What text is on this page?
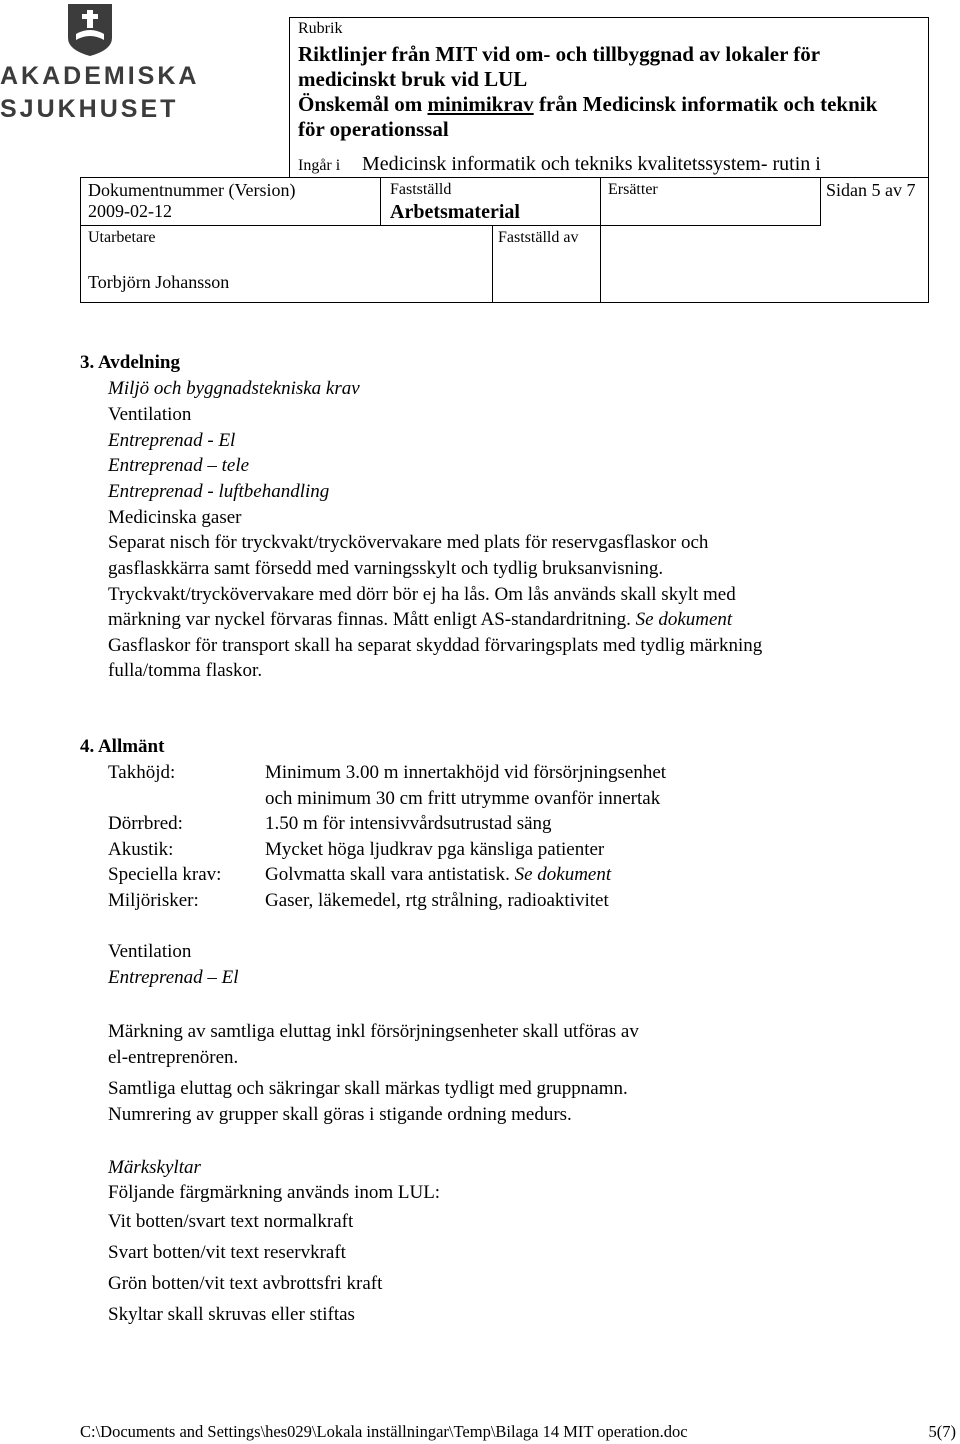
AKADEMISKA
SJUKHUSET
Rubrik
Riktlinjer från MIT vid om- och tillbyggnad av lokaler för
medicinskt bruk vid LUL
Önskemål om minimikrav från Medicinsk informatik och teknik
för operationssal
Ingår i Medicinsk informatik och tekniks kvalitetssystem- rutin i
Dokumentnummer (Version)
2009-02-12
Fastställd
Arbetsmaterial
Ersätter	Sidan 5 av 7
Utarbetare
Torbjörn Johansson
Fastställd av
3. Avdelning
Miljö och byggnadstekniska krav
Ventilation
Entreprenad - El
Entreprenad – tele
Entreprenad - luftbehandling
Medicinska gaser
Separat nisch för tryckvakt/tryckövervakare med plats för reservgasflaskor och
gasflaskkärra samt försedd med varningsskylt och tydlig bruksanvisning.
Tryckvakt/tryckövervakare med dörr bör ej ha lås. Om lås används skall skylt med
märkning var nyckel förvaras finnas. Mått enligt AS-standardritning. Se dokument
Gasflaskor för transport skall ha separat skyddad förvaringsplats med tydlig märkning
fulla/tomma flaskor.
4. Allmänt
Takhöjd:	Minimum 3.00 m innertakhöjd vid försörjningsenhet
och minimum 30 cm fritt utrymme ovanför innertak
Dörrbred:	1.50 m för intensivvårdsutrustad säng
Akustik:	Mycket höga ljudkrav pga känsliga patienter
Speciella krav: Golvmatta skall vara antistatisk. Se dokument
Miljörisker:	Gaser, läkemedel, rtg strålning, radioaktivitet
Ventilation
Entreprenad – El
Märkning av samtliga eluttag inkl försörjningsenheter skall utföras av
el-entreprenören.
Samtliga eluttag och säkringar skall märkas tydligt med gruppnamn.
Numrering av grupper skall göras i stigande ordning medurs.
Märkskyltar
Följande färgmärkning används inom LUL:
Vit botten/svart text normalkraft
Svart botten/vit text reservkraft
Grön botten/vit text avbrottsfri kraft
Skyltar skall skruvas eller stiftas
C:\Documents and Settings\hes029\Lokala inställningar\Temp\Bilaga 14 MIT operation.doc	5(7)
